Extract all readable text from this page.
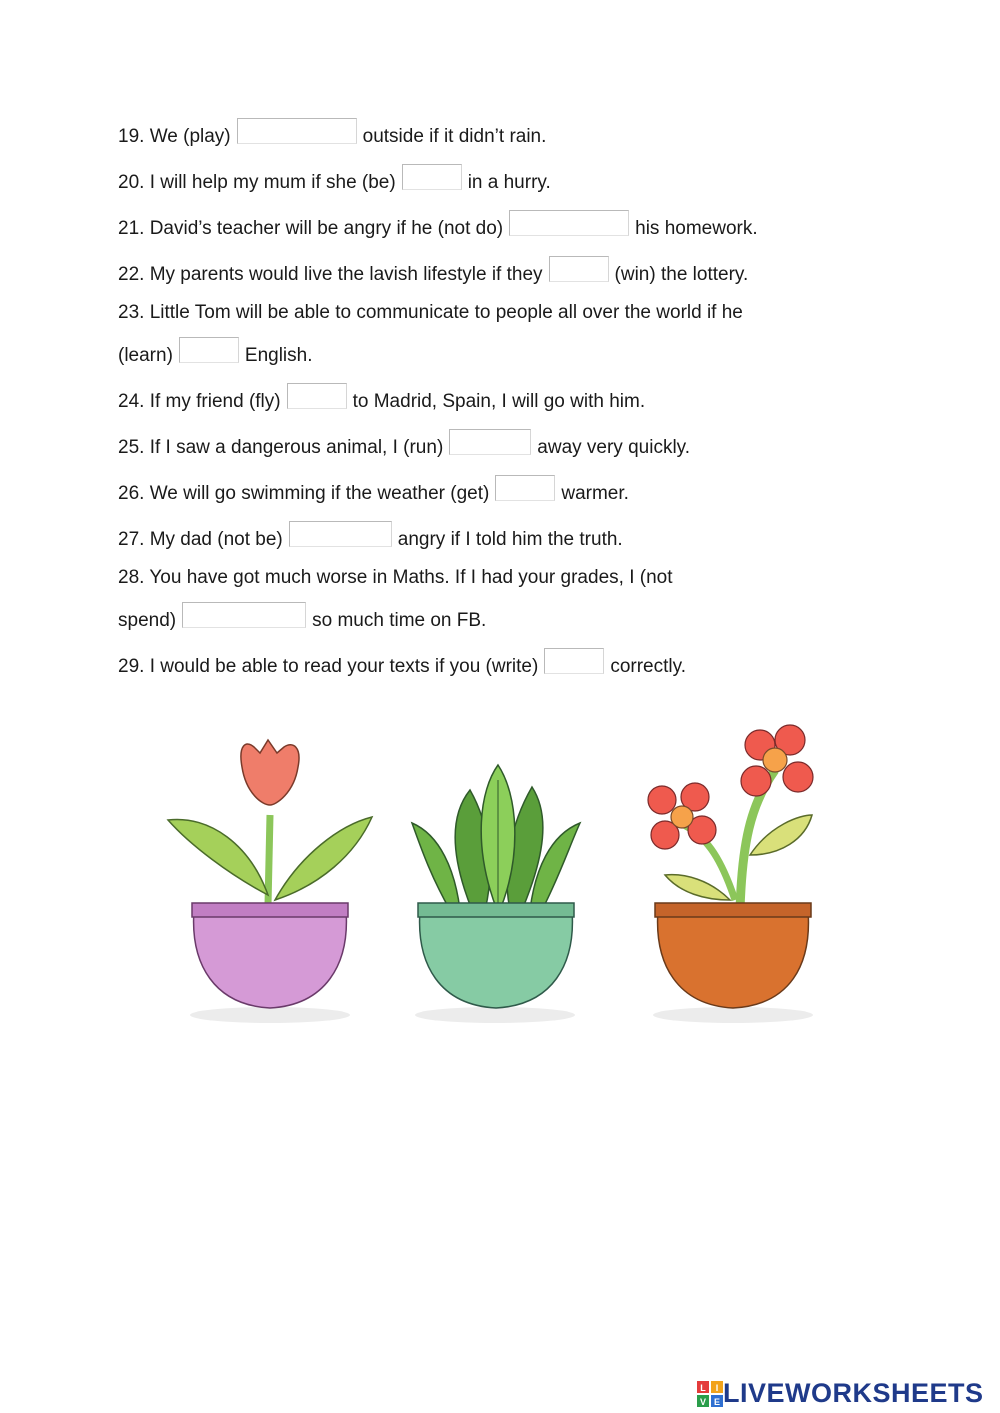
19. We (play)	outside if it didn’t rain.
20. I will help my mum if she (be)	in a hurry.
21. David’s teacher will be angry if he (not do)	his homework.
22. My parents would live the lavish lifestyle if they	(win) the lottery.
23. Little Tom will be able to communicate to people all over the world if he
(learn)	English.
24. If my friend (fly)	to Madrid, Spain, I will go with him.
25. If I saw a dangerous animal, I (run)	away very quickly.
26. We will go swimming if the weather (get)	warmer.
27. My dad (not be)	angry if I told him the truth.
28. You have got much worse in Maths. If I had your grades, I (not
spend)	so much time on FB.
29. I would be able to read your texts if you (write)	correctly.
L I
V E LIVEWORKSHEETS
